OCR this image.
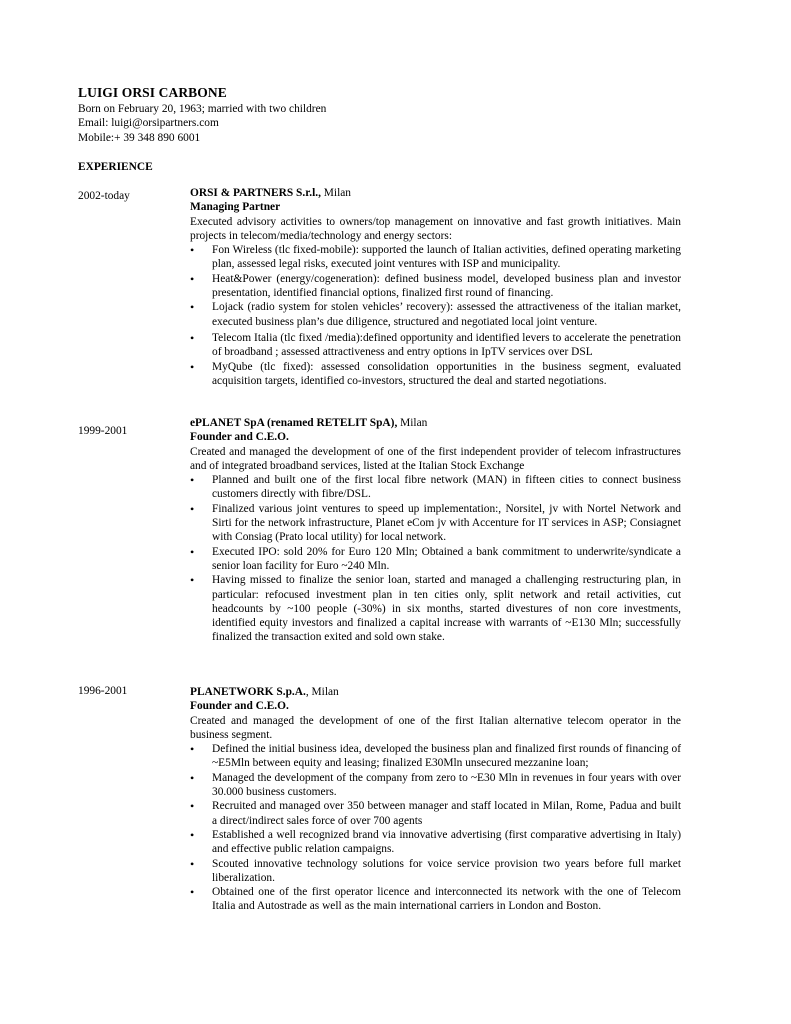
LUIGI ORSI CARBONE
Born on February 20, 1963; married with two children
Email: luigi@orsipartners.com
Mobile:+ 39 348 890 6001
EXPERIENCE
2002-today	ORSI & PARTNERS S.r.l., Milan
Managing Partner

Executed advisory activities to owners/top management on innovative and fast growth initiatives. Main projects in telecom/media/technology and energy sectors:

• Fon Wireless (tlc fixed-mobile): supported the launch of Italian activities, defined operating marketing plan, assessed legal risks, executed joint ventures with ISP and municipality.
• Heat&Power (energy/cogeneration): defined business model, developed business plan and investor presentation, identified financial options, finalized first round of financing.
• Lojack (radio system for stolen vehicles’ recovery): assessed the attractiveness of the italian market, executed business plan’s due diligence, structured and negotiated local joint venture.
• Telecom Italia (tlc fixed /media):defined opportunity and identified levers to accelerate the penetration of broadband ; assessed attractiveness and entry options in IpTV services over DSL
• MyQube (tlc fixed): assessed consolidation opportunities in the business segment, evaluated acquisition targets, identified co-investors, structured the deal and started negotiations.
1999-2001
ePLANET SpA (renamed RETELIT SpA), Milan
Founder and C.E.O.

Created and managed the development of one of the first independent provider of telecom infrastructures and of integrated broadband services, listed at the Italian Stock Exchange

• Planned and built one of the first local fibre network (MAN) in fifteen cities to connect business customers directly with fibre/DSL.
• Finalized various joint ventures to speed up implementation:, Norsitel, jv with Nortel Network and Sirti for the network infrastructure, Planet eCom jv with Accenture for IT services in ASP; Consiagnet with Consiag (Prato local utility) for local network.
• Executed IPO: sold 20% for Euro 120 Mln; Obtained a bank commitment to underwrite/syndicate a senior loan facility for Euro ~240 Mln.
• Having missed to finalize the senior loan, started and managed a challenging restructuring plan, in particular: refocused investment plan in ten cities only, split network and retail activities, cut headcounts by ~100 people (-30%) in six months, started divestures of non core investments, identified equity investors and finalized a capital increase with warrants of ~E130 Mln; successfully finalized the transaction exited and sold own stake.
1996-2001	PLANETWORK S.p.A., Milan
Founder and C.E.O.

Created and managed the development of one of the first Italian alternative telecom operator in the business segment.

• Defined the initial business idea, developed the business plan and finalized first rounds of financing of ~E5Mln between equity and leasing; finalized E30Mln unsecured mezzanine loan;
• Managed the development of the company from zero to ~E30 Mln in revenues in four years with over 30.000 business customers.
• Recruited and managed over 350 between manager and staff located in Milan, Rome, Padua and built a direct/indirect sales force of over 700 agents
• Established a well recognized brand via innovative advertising (first comparative advertising in Italy) and effective public relation campaigns.
• Scouted innovative technology solutions for voice service provision two years before full market liberalization.
• Obtained one of the first operator licence and interconnected its network with the one of Telecom Italia and Autostrade as well as the main international carriers in London and Boston.
